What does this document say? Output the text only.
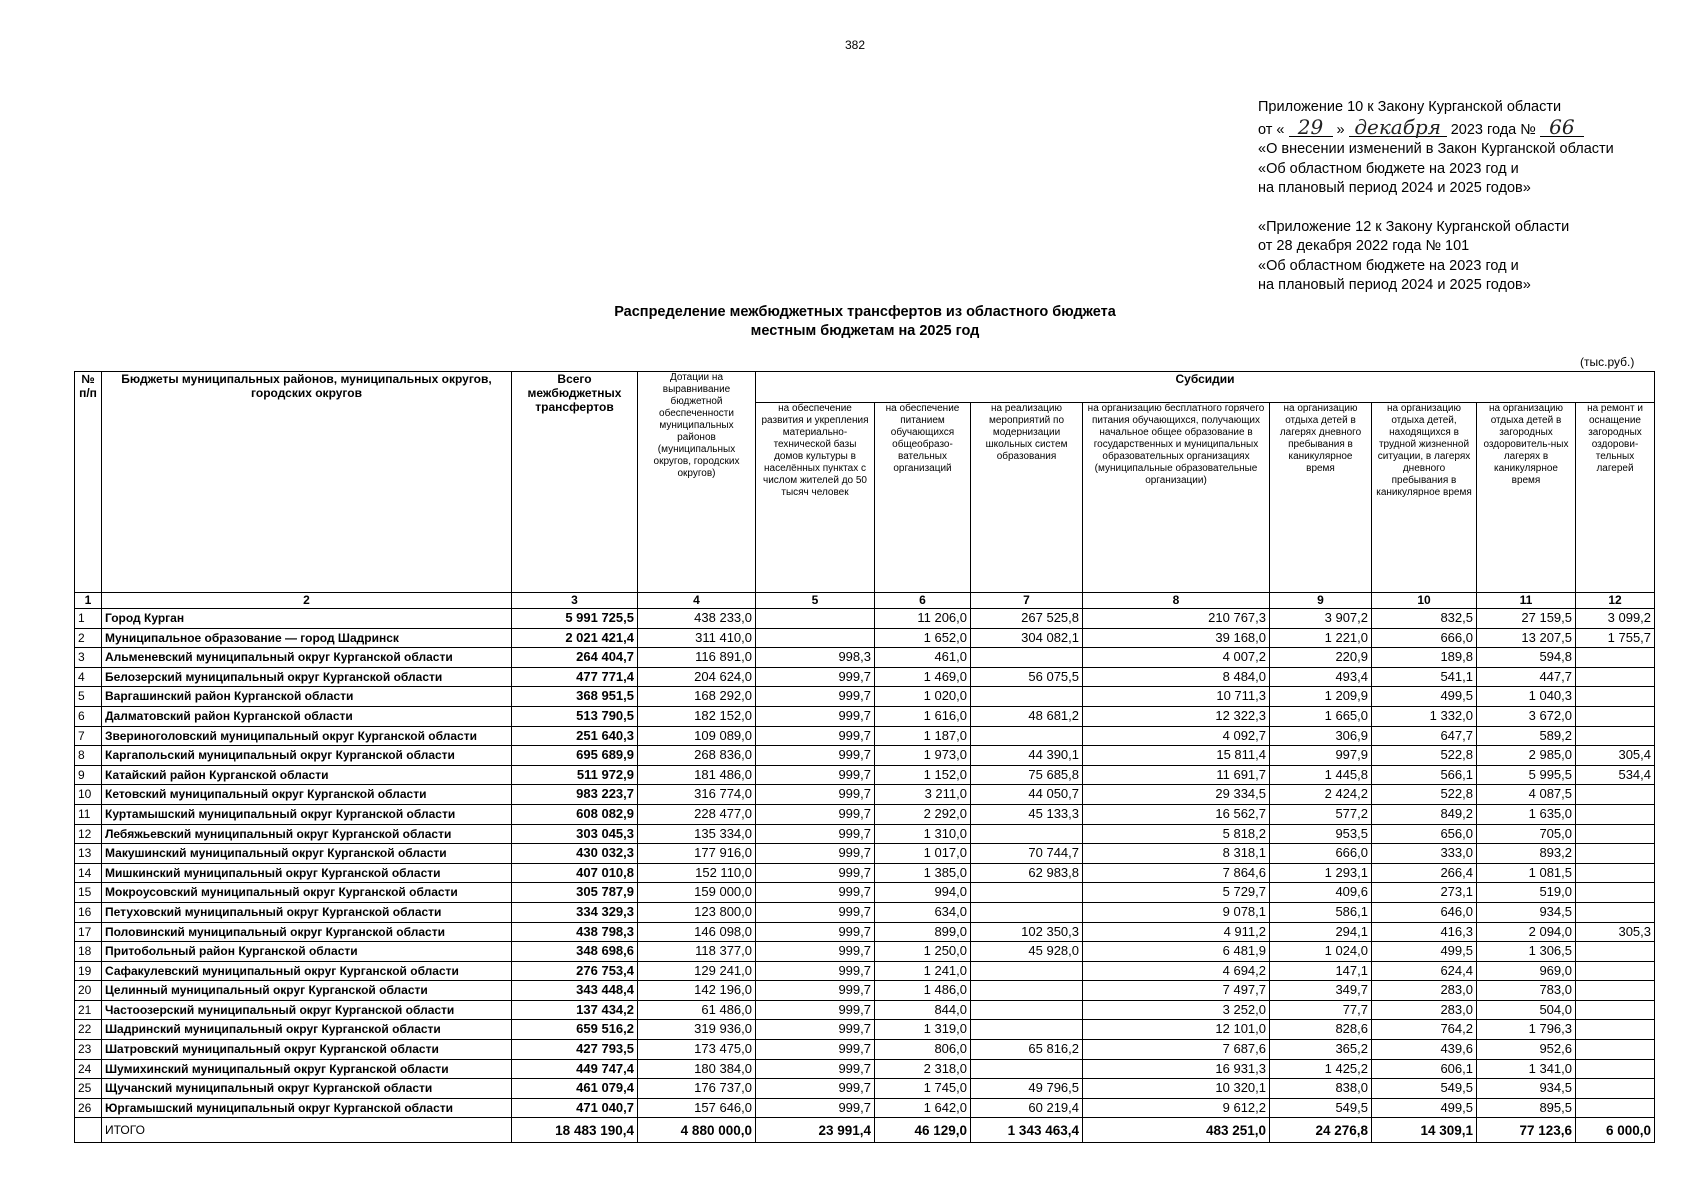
382
Приложение 10 к Закону Курганской области
от « 29 » декабря 2023 года № 66
«О внесении изменений в Закон Курганской области
«Об областном бюджете на 2023 год и
на плановый период 2024 и 2025 годов»
«Приложение 12 к Закону Курганской области
от 28 декабря 2022 года № 101
«Об областном бюджете на 2023 год и
на плановый период 2024 и 2025 годов»
Распределение межбюджетных трансфертов из областного бюджета
местным бюджетам на 2025 год
(тыс.руб.)
№ п/п	Бюджеты муниципальных районов, муниципальных округов, городских округов	Всего межбюджетных трансфертов	Дотации на выравнивание бюджетной обеспеченности муниципальных районов (муниципальных округов, городских округов)	Субсидии							
				на обеспечение развития и укрепления материально-технической базы домов культуры в населённых пунктах с числом жителей до 50 тысяч человек	на обеспечение питанием обучающихся общеобразо-вательных организаций	на реализацию мероприятий по модернизации школьных систем образования	на организацию бесплатного горячего питания обучающихся, получающих начальное общее образование в государственных и муниципальных образовательных организациях (муниципальные образовательные организации)	на организацию отдыха детей в лагерях дневного пребывания в каникулярное время	на организацию отдыха детей, находящихся в трудной жизненной ситуации, в лагерях дневного пребывания в каникулярное время	на организацию отдыха детей в загородных оздоровитель-ных лагерях в каникулярное время	на ремонт и оснащение загородных оздорови-тельных лагерей
1	2	3	4	5	6	7	8	9	10	11	12
1	Город Курган	5 991 725,5	438 233,0		11 206,0	267 525,8	210 767,3	3 907,2	832,5	27 159,5	3 099,2
2	Муниципальное образование — город Шадринск	2 021 421,4	311 410,0		1 652,0	304 082,1	39 168,0	1 221,0	666,0	13 207,5	1 755,7
3	Альменевский муниципальный округ Курганской области	264 404,7	116 891,0	998,3	461,0		4 007,2	220,9	189,8	594,8	
4	Белозерский муниципальный округ Курганской области	477 771,4	204 624,0	999,7	1 469,0	56 075,5	8 484,0	493,4	541,1	447,7	
5	Варгашинский район Курганской области	368 951,5	168 292,0	999,7	1 020,0		10 711,3	1 209,9	499,5	1 040,3	
6	Далматовский район Курганской области	513 790,5	182 152,0	999,7	1 616,0	48 681,2	12 322,3	1 665,0	1 332,0	3 672,0	
7	Звериноголовский муниципальный округ Курганской области	251 640,3	109 089,0	999,7	1 187,0		4 092,7	306,9	647,7	589,2	
8	Каргапольский муниципальный округ Курганской области	695 689,9	268 836,0	999,7	1 973,0	44 390,1	15 811,4	997,9	522,8	2 985,0	305,4
9	Катайский район Курганской области	511 972,9	181 486,0	999,7	1 152,0	75 685,8	11 691,7	1 445,8	566,1	5 995,5	534,4
10	Кетовский муниципальный округ Курганской области	983 223,7	316 774,0	999,7	3 211,0	44 050,7	29 334,5	2 424,2	522,8	4 087,5	
11	Куртамышский муниципальный округ Курганской области	608 082,9	228 477,0	999,7	2 292,0	45 133,3	16 562,7	577,2	849,2	1 635,0	
12	Лебяжьевский муниципальный округ Курганской области	303 045,3	135 334,0	999,7	1 310,0		5 818,2	953,5	656,0	705,0	
13	Макушинский муниципальный округ Курганской области	430 032,3	177 916,0	999,7	1 017,0	70 744,7	8 318,1	666,0	333,0	893,2	
14	Мишкинский муниципальный округ Курганской области	407 010,8	152 110,0	999,7	1 385,0	62 983,8	7 864,6	1 293,1	266,4	1 081,5	
15	Мокроусовский муниципальный округ Курганской области	305 787,9	159 000,0	999,7	994,0		5 729,7	409,6	273,1	519,0	
16	Петуховский муниципальный округ Курганской области	334 329,3	123 800,0	999,7	634,0		9 078,1	586,1	646,0	934,5	
17	Половинский муниципальный округ Курганской области	438 798,3	146 098,0	999,7	899,0	102 350,3	4 911,2	294,1	416,3	2 094,0	305,3
18	Притобольный район Курганской области	348 698,6	118 377,0	999,7	1 250,0	45 928,0	6 481,9	1 024,0	499,5	1 306,5	
19	Сафакулевский муниципальный округ Курганской области	276 753,4	129 241,0	999,7	1 241,0		4 694,2	147,1	624,4	969,0	
20	Целинный муниципальный округ Курганской области	343 448,4	142 196,0	999,7	1 486,0		7 497,7	349,7	283,0	783,0	
21	Частоозерский муниципальный округ Курганской области	137 434,2	61 486,0	999,7	844,0		3 252,0	77,7	283,0	504,0	
22	Шадринский муниципальный округ Курганской области	659 516,2	319 936,0	999,7	1 319,0		12 101,0	828,6	764,2	1 796,3	
23	Шатровский муниципальный округ Курганской области	427 793,5	173 475,0	999,7	806,0	65 816,2	7 687,6	365,2	439,6	952,6	
24	Шумихинский муниципальный округ Курганской области	449 747,4	180 384,0	999,7	2 318,0		16 931,3	1 425,2	606,1	1 341,0	
25	Щучанский муниципальный округ Курганской области	461 079,4	176 737,0	999,7	1 745,0	49 796,5	10 320,1	838,0	549,5	934,5	
26	Юргамышский муниципальный округ Курганской области	471 040,7	157 646,0	999,7	1 642,0	60 219,4	9 612,2	549,5	499,5	895,5	
	ИТОГО	18 483 190,4	4 880 000,0	23 991,4	46 129,0	1 343 463,4	483 251,0	24 276,8	14 309,1	77 123,6	6 000,0
